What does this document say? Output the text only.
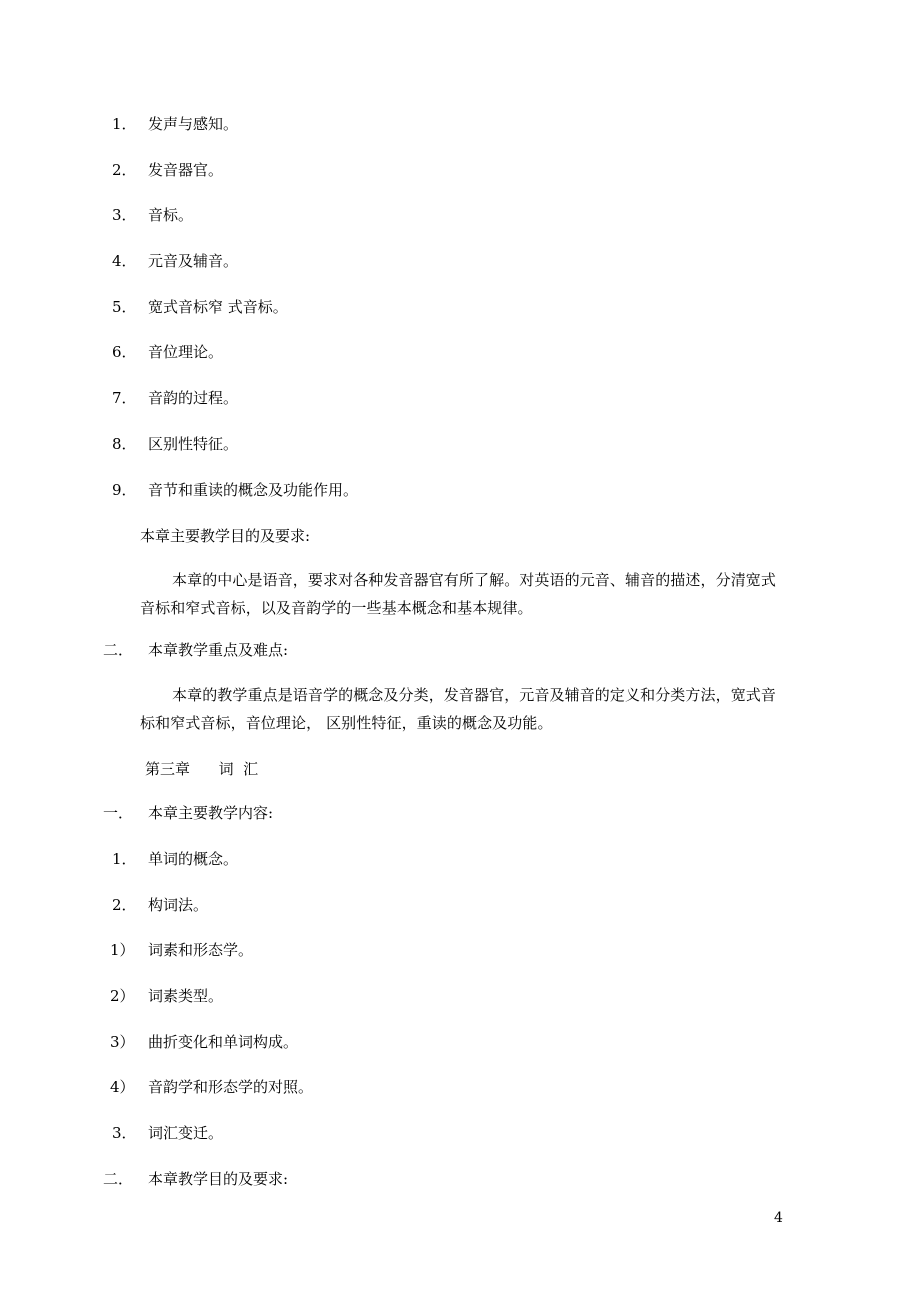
1． 发声与感知。
2． 发音器官。
3． 音标。
4． 元音及辅音。
5． 宽式音标窄 式音标。
6． 音位理论。
7． 音韵的过程。
8． 区别性特征。
9． 音节和重读的概念及功能作用。
本章主要教学目的及要求:
本章的中心是语音，要求对各种发音器官有所了解。对英语的元音、辅音的描述，分清宽式音标和窄式音标，以及音韵学的一些基本概念和基本规律。
二． 本章教学重点及难点:
本章的教学重点是语音学的概念及分类，发音器官，元音及辅音的定义和分类方法，宽式音标和窄式音标，音位理论， 区别性特征，重读的概念及功能。
第三章      词  汇
一． 本章主要教学内容:
1． 单词的概念。
2． 构词法。
1） 词素和形态学。
2） 词素类型。
3） 曲折变化和单词构成。
4） 音韵学和形态学的对照。
3． 词汇变迁。
二． 本章教学目的及要求:
4
